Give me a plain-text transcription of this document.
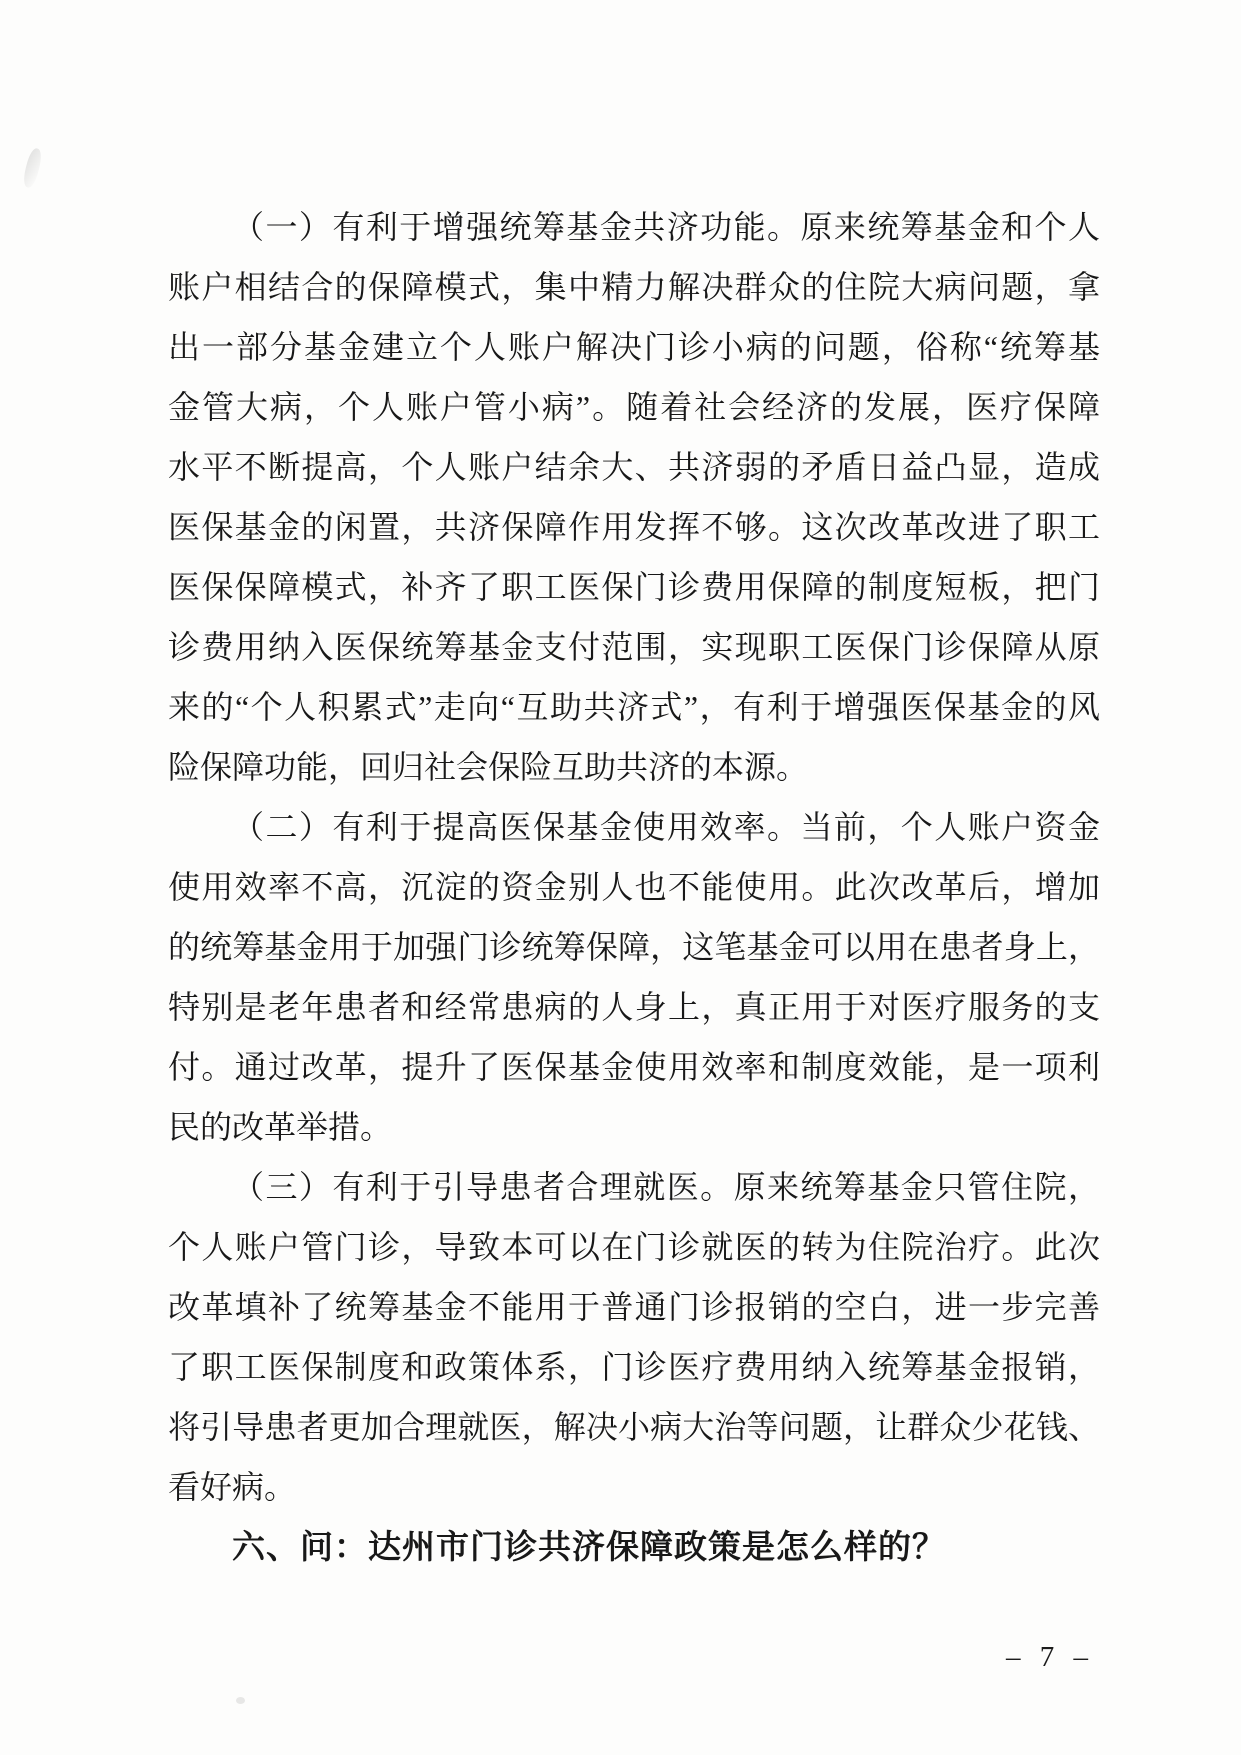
（一）有利于增强统筹基金共济功能。原来统筹基金和个人
账户相结合的保障模式，集中精力解决群众的住院大病问题，拿
出一部分基金建立个人账户解决门诊小病的问题，俗称“统筹基
金管大病，个人账户管小病”。随着社会经济的发展，医疗保障
水平不断提高，个人账户结余大、共济弱的矛盾日益凸显，造成
医保基金的闲置，共济保障作用发挥不够。这次改革改进了职工
医保保障模式，补齐了职工医保门诊费用保障的制度短板，把门
诊费用纳入医保统筹基金支付范围，实现职工医保门诊保障从原
来的“个人积累式”走向“互助共济式”，有利于增强医保基金的风
险保障功能，回归社会保险互助共济的本源。
（二）有利于提高医保基金使用效率。当前，个人账户资金
使用效率不高，沉淀的资金别人也不能使用。此次改革后，增加
的统筹基金用于加强门诊统筹保障，这笔基金可以用在患者身上，
特别是老年患者和经常患病的人身上，真正用于对医疗服务的支
付。通过改革，提升了医保基金使用效率和制度效能，是一项利
民的改革举措。
（三）有利于引导患者合理就医。原来统筹基金只管住院，
个人账户管门诊，导致本可以在门诊就医的转为住院治疗。此次
改革填补了统筹基金不能用于普通门诊报销的空白，进一步完善
了职工医保制度和政策体系，门诊医疗费用纳入统筹基金报销，
将引导患者更加合理就医，解决小病大治等问题，让群众少花钱、
看好病。
六、问：达州市门诊共济保障政策是怎么样的？
– 7 –
